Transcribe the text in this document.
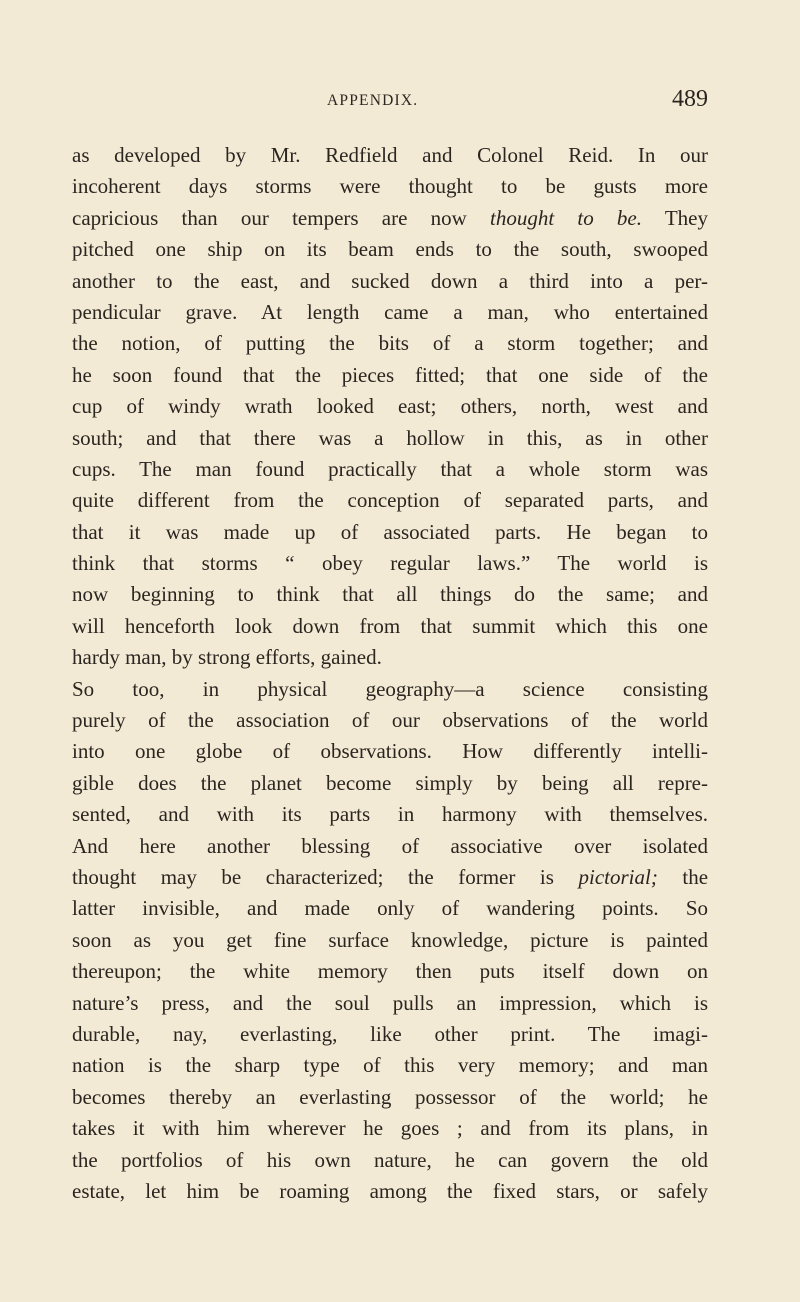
APPENDIX.	489
as developed by Mr. Redfield and Colonel Reid. In our
incoherent days storms were thought to be gusts more
capricious than our tempers are now thought to be. They
pitched one ship on its beam ends to the south, swooped
another to the east, and sucked down a third into a per-
pendicular grave. At length came a man, who entertained
the notion, of putting the bits of a storm together; and
he soon found that the pieces fitted; that one side of the
cup of windy wrath looked east; others, north, west and
south; and that there was a hollow in this, as in other
cups. The man found practically that a whole storm was
quite different from the conception of separated parts, and
that it was made up of associated parts. He began to
think that storms “ obey regular laws.” The world is
now beginning to think that all things do the same; and
will henceforth look down from that summit which this one
hardy man, by strong efforts, gained.
So too, in physical geography—a science consisting
purely of the association of our observations of the world
into one globe of observations. How differently intelli-
gible does the planet become simply by being all repre-
sented, and with its parts in harmony with themselves.
And here another blessing of associative over isolated
thought may be characterized; the former is pictorial; the
latter invisible, and made only of wandering points. So
soon as you get fine surface knowledge, picture is painted
thereupon; the white memory then puts itself down on
nature’s press, and the soul pulls an impression, which is
durable, nay, everlasting, like other print. The imagi-
nation is the sharp type of this very memory; and man
becomes thereby an everlasting possessor of the world; he
takes it with him wherever he goes ; and from its plans, in
the portfolios of his own nature, he can govern the old
estate, let him be roaming among the fixed stars, or safely
